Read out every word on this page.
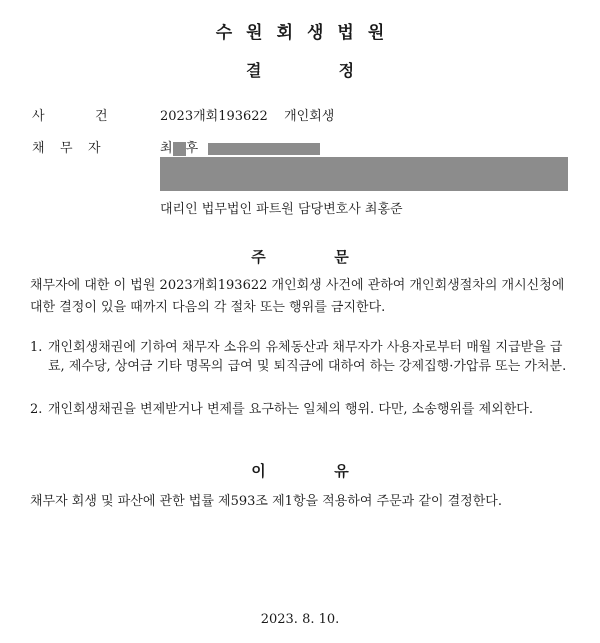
수원회생법원
결	정
사	건	2023개회193622 개인회생
채 무 자	최 후
대리인 법무법인 파트원 담당변호사 최홍준
주	문
채무자에 대한 이 법원 2023개회193622 개인회생 사건에 관하여 개인회생절차의 개시신청에 대한 결정이 있을 때까지 다음의 각 절차 또는 행위를 금지한다.
1. 개인회생채권에 기하여 채무자 소유의 유체동산과 채무자가 사용자로부터 매월 지급받을 급료, 제수당, 상여금 기타 명목의 급여 및 퇴직금에 대하여 하는 강제집행·가압류 또는 가처분.
2. 개인회생채권을 변제받거나 변제를 요구하는 일체의 행위. 다만, 소송행위를 제외한다.
이	유
채무자 회생 및 파산에 관한 법률 제593조 제1항을 적용하여 주문과 같이 결정한다.
2023. 8. 10.
